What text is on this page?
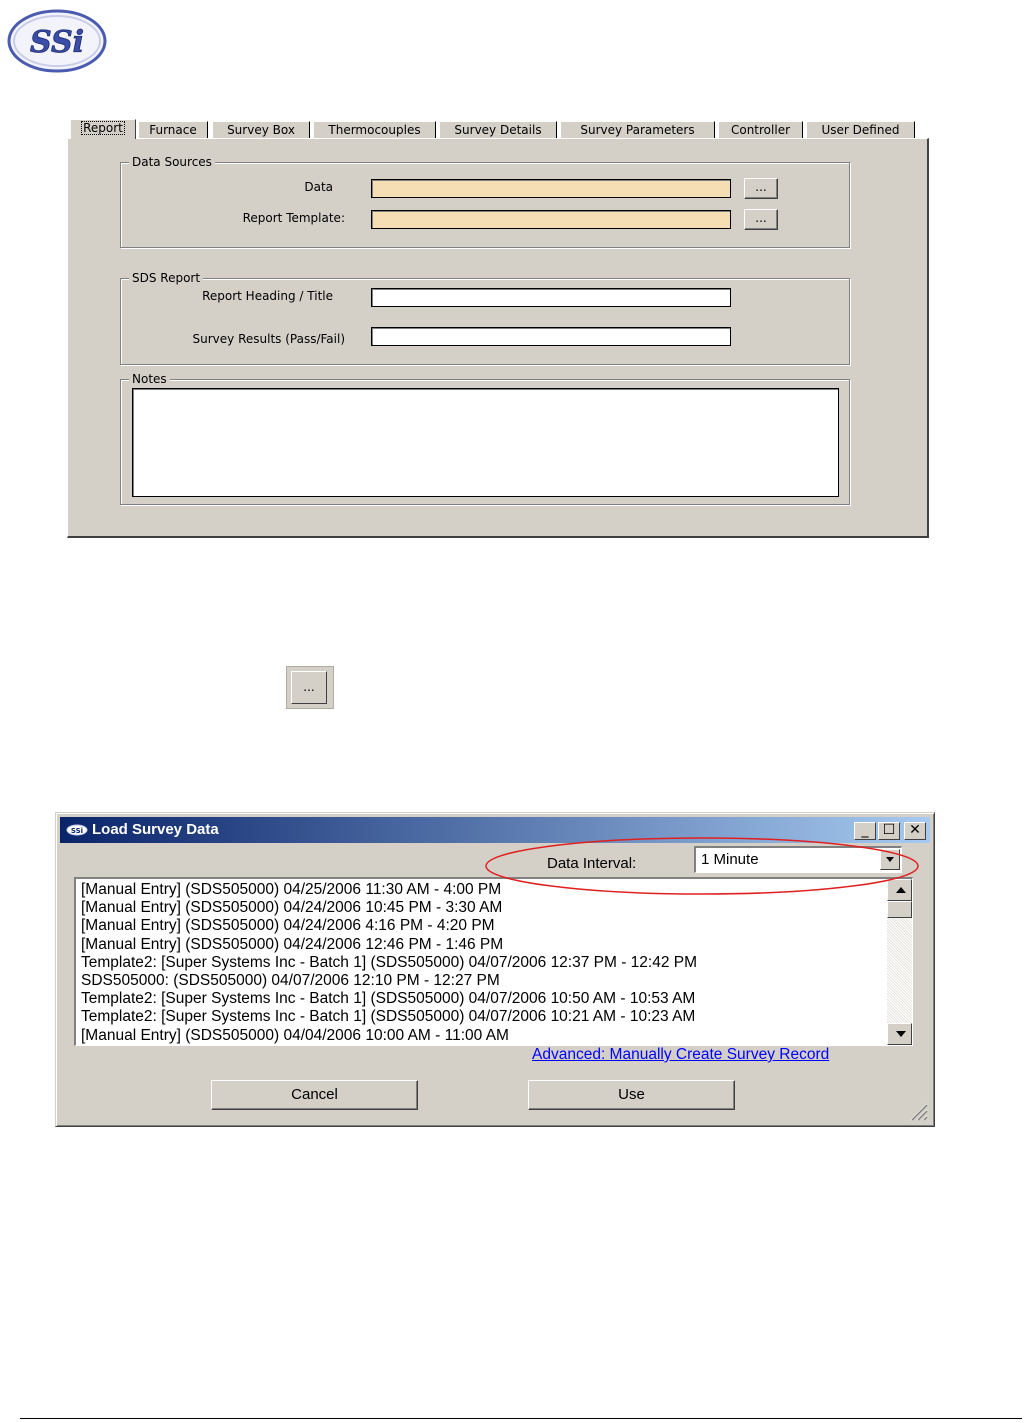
SSi
Report	Furnace	Survey Box	Thermocouples	Survey Details	Survey Parameters	Controller	User Defined
Data Sources
Data	...
Report Template:	...
SDS Report
Report Heading / Title
Survey Results (Pass/Fail)
Notes
...
SSi Load Survey Data	_	☐ ✕
Data Interval:	1 Minute
[Manual Entry] (SDS505000) 04/25/2006 11:30 AM - 4:00 PM
[Manual Entry] (SDS505000) 04/24/2006 10:45 PM - 3:30 AM
[Manual Entry] (SDS505000) 04/24/2006 4:16 PM - 4:20 PM
[Manual Entry] (SDS505000) 04/24/2006 12:46 PM - 1:46 PM
Template2: [Super Systems Inc - Batch 1] (SDS505000) 04/07/2006 12:37 PM - 12:42 PM
SDS505000: (SDS505000) 04/07/2006 12:10 PM - 12:27 PM
Template2: [Super Systems Inc - Batch 1] (SDS505000) 04/07/2006 10:50 AM - 10:53 AM
Template2: [Super Systems Inc - Batch 1] (SDS505000) 04/07/2006 10:21 AM - 10:23 AM
[Manual Entry] (SDS505000) 04/04/2006 10:00 AM - 11:00 AM
Advanced: Manually Create Survey Record
Cancel	Use
